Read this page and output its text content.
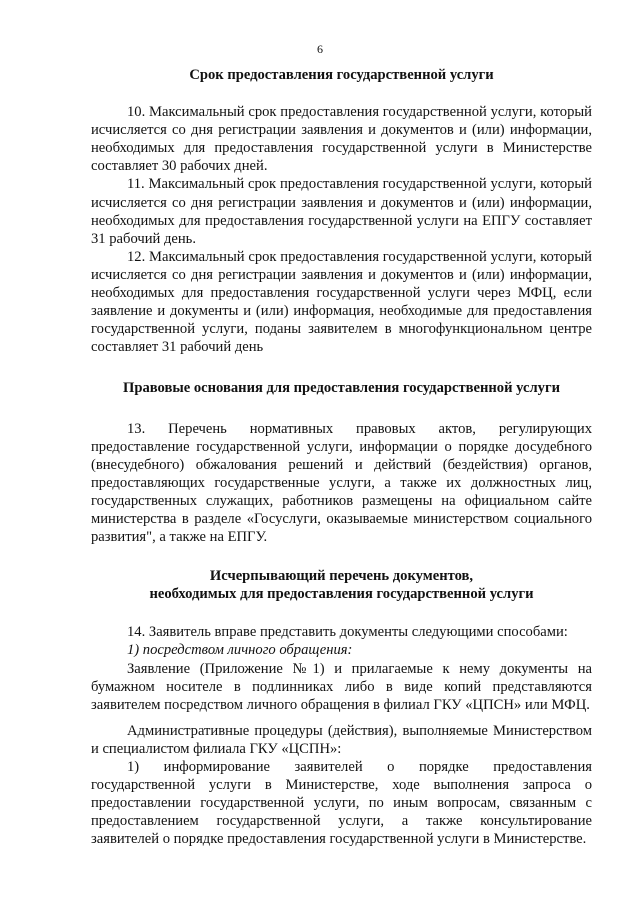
6
Срок предоставления государственной услуги

10. Максимальный срок предоставления государственной услуги, который исчисляется со дня регистрации заявления и документов и (или) информации, необходимых для предоставления государственной услуги в Министерстве составляет 30 рабочих дней.

11. Максимальный срок предоставления государственной услуги, который исчисляется со дня регистрации заявления и документов и (или) информации, необходимых для предоставления государственной услуги на ЕПГУ составляет 31 рабочий день.

12. Максимальный срок предоставления государственной услуги, который исчисляется со дня регистрации заявления и документов и (или) информации, необходимых для предоставления государственной услуги через МФЦ, если заявление и документы и (или) информация, необходимые для предоставления государственной услуги, поданы заявителем в многофункциональном центре составляет 31 рабочий день

Правовые основания для предоставления государственной услуги

13. Перечень нормативных правовых актов, регулирующих предоставление государственной услуги, информации о порядке досудебного (внесудебного) обжалования решений и действий (бездействия) органов, предоставляющих государственные услуги, а также их должностных лиц, государственных служащих, работников размещены на официальном сайте министерства в разделе «Госуслуги, оказываемые министерством социального развития", а также на ЕПГУ.

Исчерпывающий перечень документов,
необходимых для предоставления государственной услуги

14. Заявитель вправе представить документы следующими способами:

1) посредством личного обращения:

Заявление (Приложение №1) и прилагаемые к нему документы на бумажном носителе в подлинниках либо в виде копий представляются заявителем посредством личного обращения в филиал ГКУ «ЦПСН» или МФЦ.

Административные процедуры (действия), выполняемые Министерством и специалистом филиала ГКУ «ЦСПН»:

1) информирование заявителей о порядке предоставления государственной услуги в Министерстве, ходе выполнения запроса о предоставлении государственной услуги, по иным вопросам, связанным с предоставлением государственной услуги, а также консультирование заявителей о порядке предоставления государственной услуги в Министерстве.
